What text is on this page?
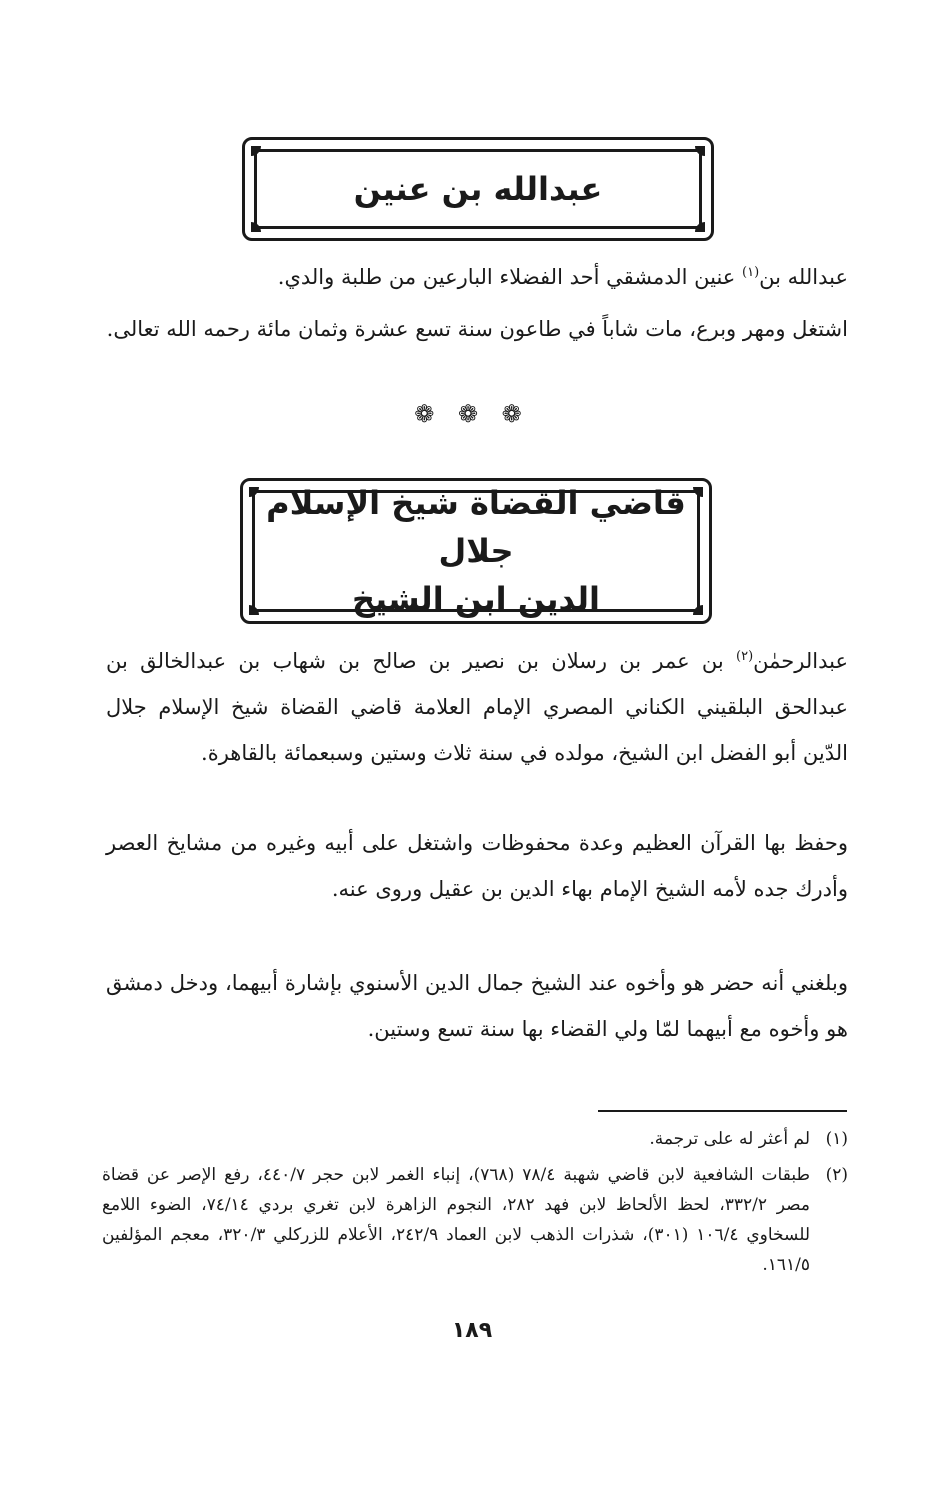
عبدالله بن عنين
عبدالله بن$^{(١)}$ عنين الدمشقي أحد الفضلاء البارعين من طلبة والدي.
اشتغل ومهر وبرع، مات شاباً في طاعون سنة تسع عشرة وثمان مائة رحمه الله تعالى.
❁ ❁ ❁
قاضي القضاة شيخ الإسلام جلال
الدين ابن الشيخ
عبدالرحمٰن$^{(٢)}$ بن عمر بن رسلان بن نصير بن صالح بن شهاب بن عبدالخالق بن عبدالحق البلقيني الكناني المصري الإمام العلامة قاضي القضاة شيخ الإسلام جلال الدّين أبو الفضل ابن الشيخ، مولده في سنة ثلاث وستين وسبعمائة بالقاهرة.
وحفظ بها القرآن العظيم وعدة محفوظات واشتغل على أبيه وغيره من مشايخ العصر وأدرك جده لأمه الشيخ الإمام بهاء الدين بن عقيل وروى عنه.
وبلغني أنه حضر هو وأخوه عند الشيخ جمال الدين الأسنوي بإشارة أبيهما، ودخل دمشق هو وأخوه مع أبيهما لمّا ولي القضاء بها سنة تسع وستين.
(١)
لم أعثر له على ترجمة.
(٢)
طبقات الشافعية لابن قاضي شهبة ٧٨/٤ (٧٦٨)، إنباء الغمر لابن حجر ٤٤٠/٧، رفع الإصر عن قضاة مصر ٣٣٢/٢، لحظ الألحاظ لابن فهد ٢٨٢، النجوم الزاهرة لابن تغري بردي ٧٤/١٤، الضوء اللامع للسخاوي ١٠٦/٤ (٣٠١)، شذرات الذهب لابن العماد ٢٤٢/٩، الأعلام للزركلي ٣٢٠/٣، معجم المؤلفين ١٦١/٥.
١٨٩
